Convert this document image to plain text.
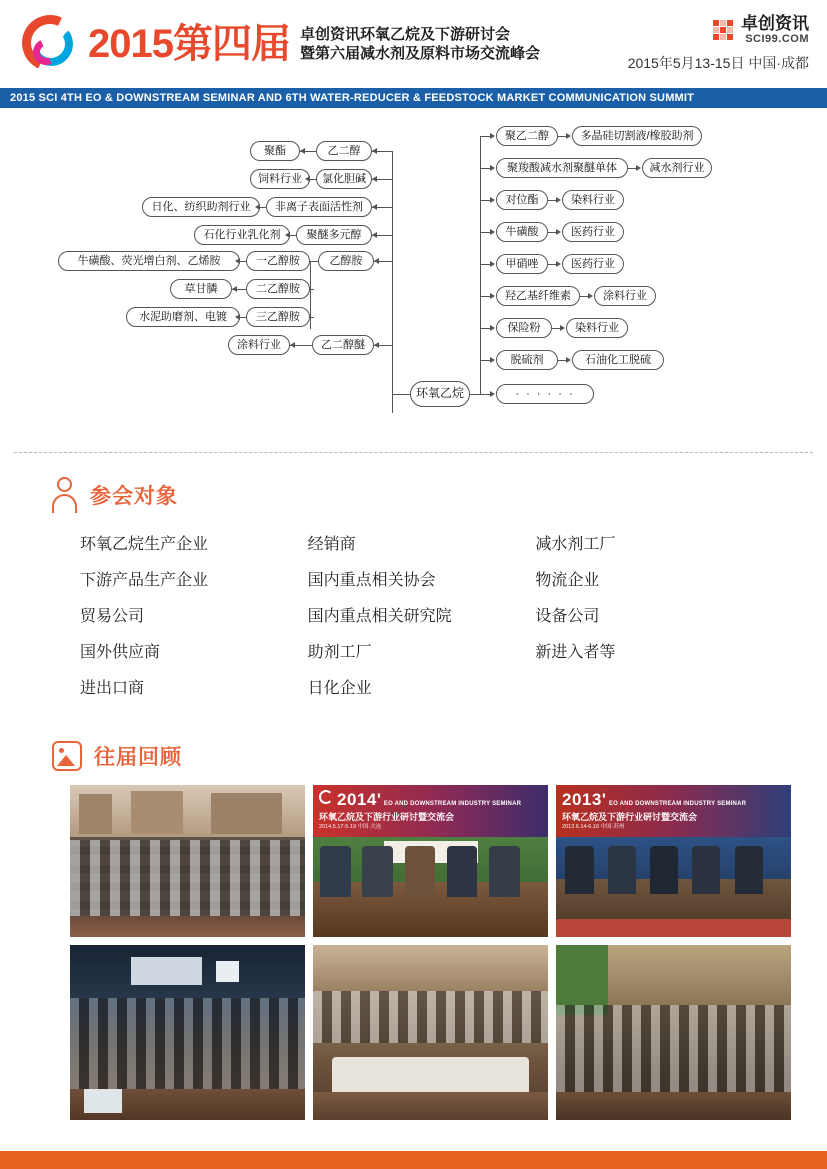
2015第四届 卓创资讯环氧乙烷及下游研讨会
暨第六届减水剂及原料市场交流峰会
卓创资讯
SCI99.COM
2015年5月13-15日 中国·成都
2015 SCI 4TH EO & DOWNSTREAM SEMINAR AND 6TH WATER-REDUCER & FEEDSTOCK MARKET COMMUNICATION SUMMIT
环氧乙烷
乙二醇
聚酯
氯化胆碱
饲料行业
非离子表面活性剂
日化、纺织助剂行业
聚醚多元醇
石化行业乳化剂
乙醇胺
一乙醇胺
牛磺酸、荧光增白剂、乙烯胺
二乙醇胺
草甘膦
三乙醇胺
水泥助磨剂、电镀
乙二醇醚
涂料行业
聚乙二醇	多晶硅切割液/橡胶助剂
聚羧酸减水剂聚醚单体	减水剂行业
对位酯	染料行业
牛磺酸	医药行业
甲硝唑	医药行业
羟乙基纤维素	涂料行业
保险粉	染料行业
脱硫剂	石油化工脱硫
· · · · · ·
参会对象
环氧乙烷生产企业	经销商	减水剂工厂
下游产品生产企业	国内重点相关协会	物流企业
贸易公司	国内重点相关研究院	设备公司
国外供应商	助剂工厂	新进入者等
进出口商	日化企业
往届回顾
2014' EO AND DOWNSTREAM INDUSTRY SEMINAR
环氧乙烷及下游行业研讨暨交流会
2014.5.17-5.19 中国·大连
2013' EO AND DOWNSTREAM INDUSTRY SEMINAR
环氧乙烷及下游行业研讨暨交流会
2013.6.14-6.16 中国·苏州
